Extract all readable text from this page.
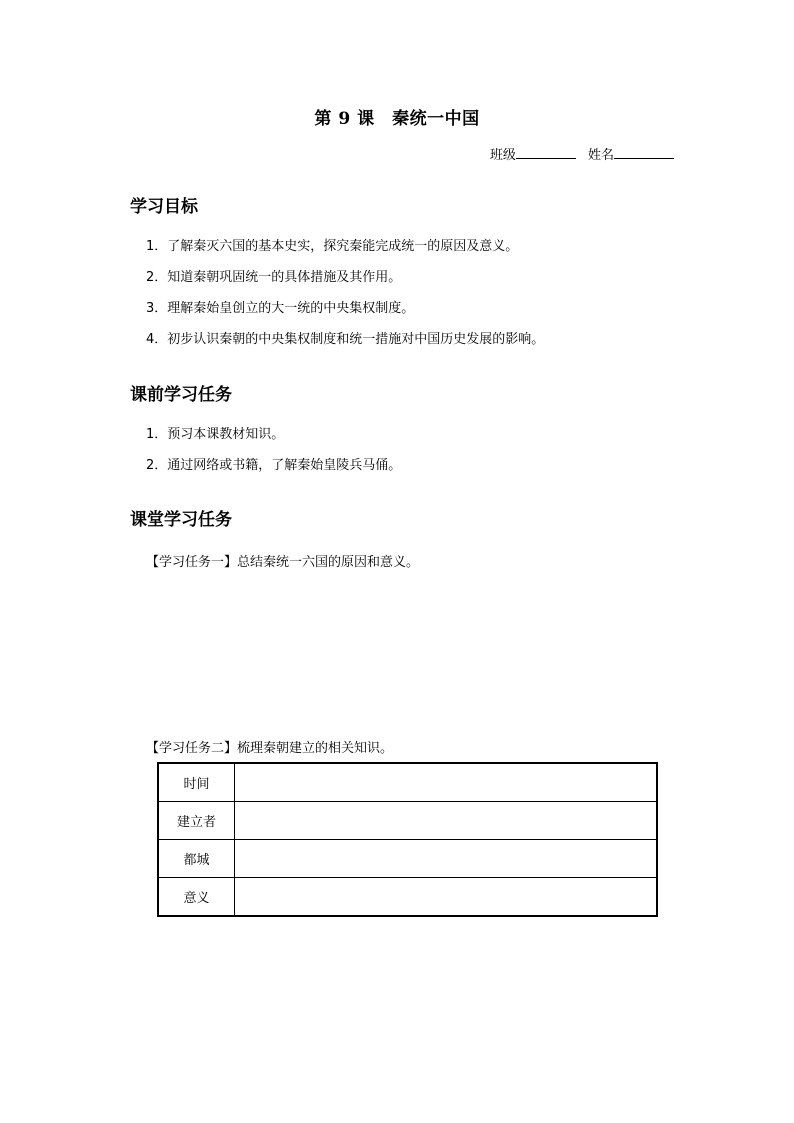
第 9 课　秦统一中国
班级	姓名
学习目标
1．了解秦灭六国的基本史实，探究秦能完成统一的原因及意义。
2．知道秦朝巩固统一的具体措施及其作用。
3．理解秦始皇创立的大一统的中央集权制度。
4．初步认识秦朝的中央集权制度和统一措施对中国历史发展的影响。
课前学习任务
1．预习本课教材知识。
2．通过网络或书籍，了解秦始皇陵兵马俑。
课堂学习任务
【学习任务一】总结秦统一六国的原因和意义。
【学习任务二】梳理秦朝建立的相关知识。
时间	
建立者	
都城	
意义	
